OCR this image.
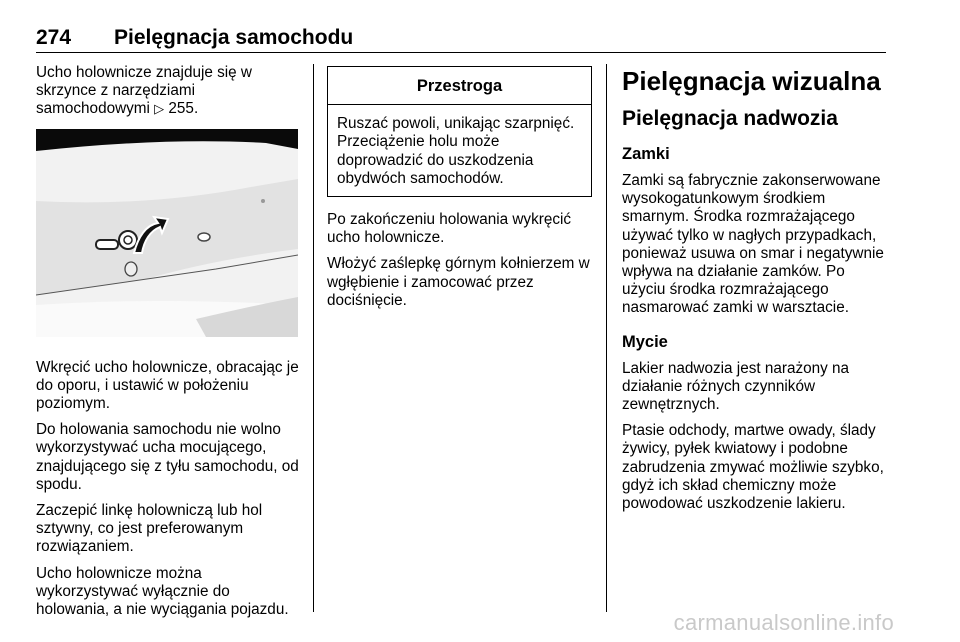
274 Pielęgnacja samochodu

Ucho holownicze znajduje się w skrzynce z narzędziami samochodowymi ▷ 255.

Wkręcić ucho holownicze, obracając je do oporu, i ustawić w położeniu poziomym.

Do holowania samochodu nie wolno wykorzystywać ucha mocującego, znajdującego się z tyłu samochodu, od spodu.

Zaczepić linkę holowniczą lub hol sztywny, co jest preferowanym rozwiązaniem.

Ucho holownicze można wykorzystywać wyłącznie do holowania, a nie wyciągania pojazdu.

Przestroga
Ruszać powoli, unikając szarpnięć. Przeciążenie holu może doprowadzić do uszkodzenia obydwóch samochodów.

Po zakończeniu holowania wykręcić ucho holownicze.

Włożyć zaślepkę górnym kołnierzem w wgłębienie i zamocować przez dociśnięcie.

Pielęgnacja wizualna
Pielęgnacja nadwozia
Zamki

Zamki są fabrycznie zakonserwowane wysokogatunkowym środkiem smarnym. Środka rozmrażającego używać tylko w nagłych przypadkach, ponieważ usuwa on smar i negatywnie wpływa na działanie zamków. Po użyciu środka rozmrażającego nasmarować zamki w warsztacie.

Mycie

Lakier nadwozia jest narażony na działanie różnych czynników zewnętrznych.

Ptasie odchody, martwe owady, ślady żywicy, pyłek kwiatowy i podobne zabrudzenia zmywać możliwie szybko, gdyż ich skład chemiczny może powodować uszkodzenie lakieru.

carmanualsonline.info
